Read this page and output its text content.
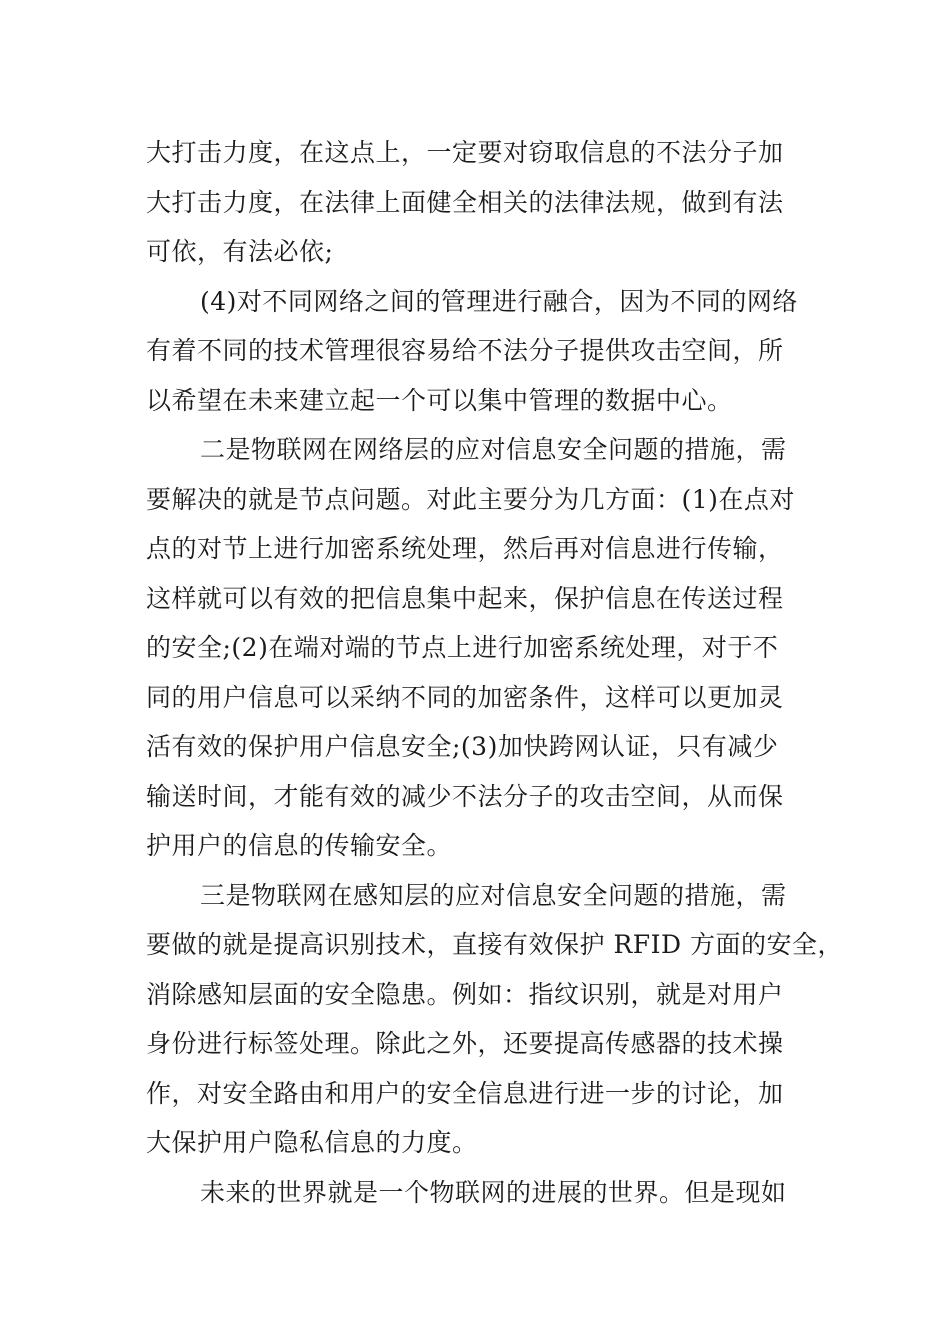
大打击力度，在这点上，一定要对窃取信息的不法分子加
大打击力度，在法律上面健全相关的法律法规，做到有法
可依，有法必依;
(4)对不同网络之间的管理进行融合，因为不同的网络
有着不同的技术管理很容易给不法分子提供攻击空间，所
以希望在未来建立起一个可以集中管理的数据中心。
二是物联网在网络层的应对信息安全问题的措施，需
要解决的就是节点问题。对此主要分为几方面：(1)在点对
点的对节上进行加密系统处理，然后再对信息进行传输，
这样就可以有效的把信息集中起来，保护信息在传送过程
的安全;(2)在端对端的节点上进行加密系统处理，对于不
同的用户信息可以采纳不同的加密条件，这样可以更加灵
活有效的保护用户信息安全;(3)加快跨网认证，只有减少
输送时间，才能有效的减少不法分子的攻击空间，从而保
护用户的信息的传输安全。
三是物联网在感知层的应对信息安全问题的措施，需
要做的就是提高识别技术，直接有效保护 RFID 方面的安全，
消除感知层面的安全隐患。例如：指纹识别，就是对用户
身份进行标签处理。除此之外，还要提高传感器的技术操
作，对安全路由和用户的安全信息进行进一步的讨论，加
大保护用户隐私信息的力度。
未来的世界就是一个物联网的进展的世界。但是现如
